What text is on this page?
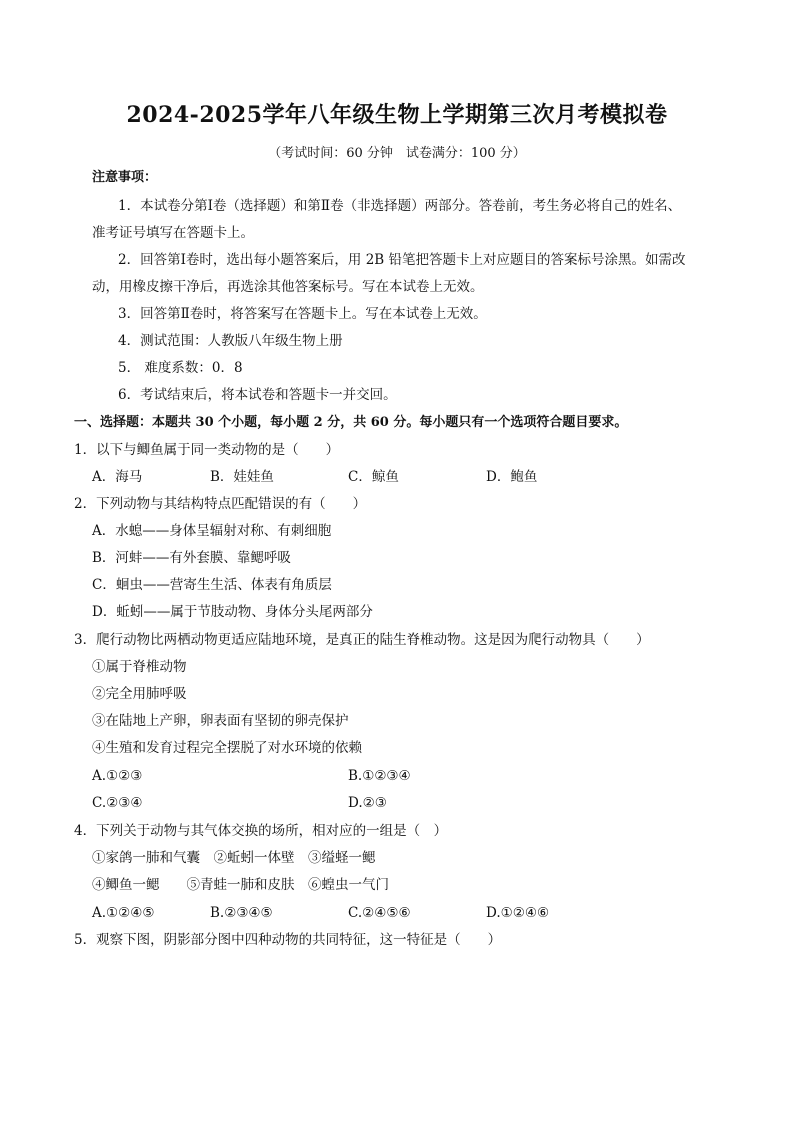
2024-2025学年八年级生物上学期第三次月考模拟卷
（考试时间：60 分钟　试卷满分：100 分）
注意事项：
1．本试卷分第Ⅰ卷（选择题）和第Ⅱ卷（非选择题）两部分。答卷前，考生务必将自己的姓名、
准考证号填写在答题卡上。
2．回答第Ⅰ卷时，选出每小题答案后，用 2B 铅笔把答题卡上对应题目的答案标号涂黑。如需改
动，用橡皮擦干净后，再选涂其他答案标号。写在本试卷上无效。
3．回答第Ⅱ卷时，将答案写在答题卡上。写在本试卷上无效。
4．测试范围：人教版八年级生物上册
5． 难度系数：0．8
6．考试结束后，将本试卷和答题卡一并交回。
一、选择题：本题共 30 个小题，每小题 2 分，共 60 分。每小题只有一个选项符合题目要求。
1．以下与鲫鱼属于同一类动物的是（　　）
A．海马	B．娃娃鱼	C．鲸鱼	D．鲍鱼
2．下列动物与其结构特点匹配错误的有（　　）
A．水螅——身体呈辐射对称、有刺细胞
B．河蚌——有外套膜、靠鳃呼吸
C．蛔虫——营寄生生活、体表有角质层
D．蚯蚓——属于节肢动物、身体分头尾两部分
3．爬行动物比两栖动物更适应陆地环境，是真正的陆生脊椎动物。这是因为爬行动物具（　　）
①属于脊椎动物
②完全用肺呼吸
③在陆地上产卵，卵表面有坚韧的卵壳保护
④生殖和发育过程完全摆脱了对水环境的依赖
A.①②③	B.①②③④
C.②③④	D.②③
4．下列关于动物与其气体交换的场所，相对应的一组是（　）
①家鸽一肺和气囊　②蚯蚓一体壁　③缢蛏一鳃
④鲫鱼一鳃　　⑤青蛙一肺和皮肤　⑥蝗虫一气门
A.①②④⑤	B.②③④⑤	C.②④⑤⑥	D.①②④⑥
5．观察下图，阴影部分图中四种动物的共同特征，这一特征是（　　）
